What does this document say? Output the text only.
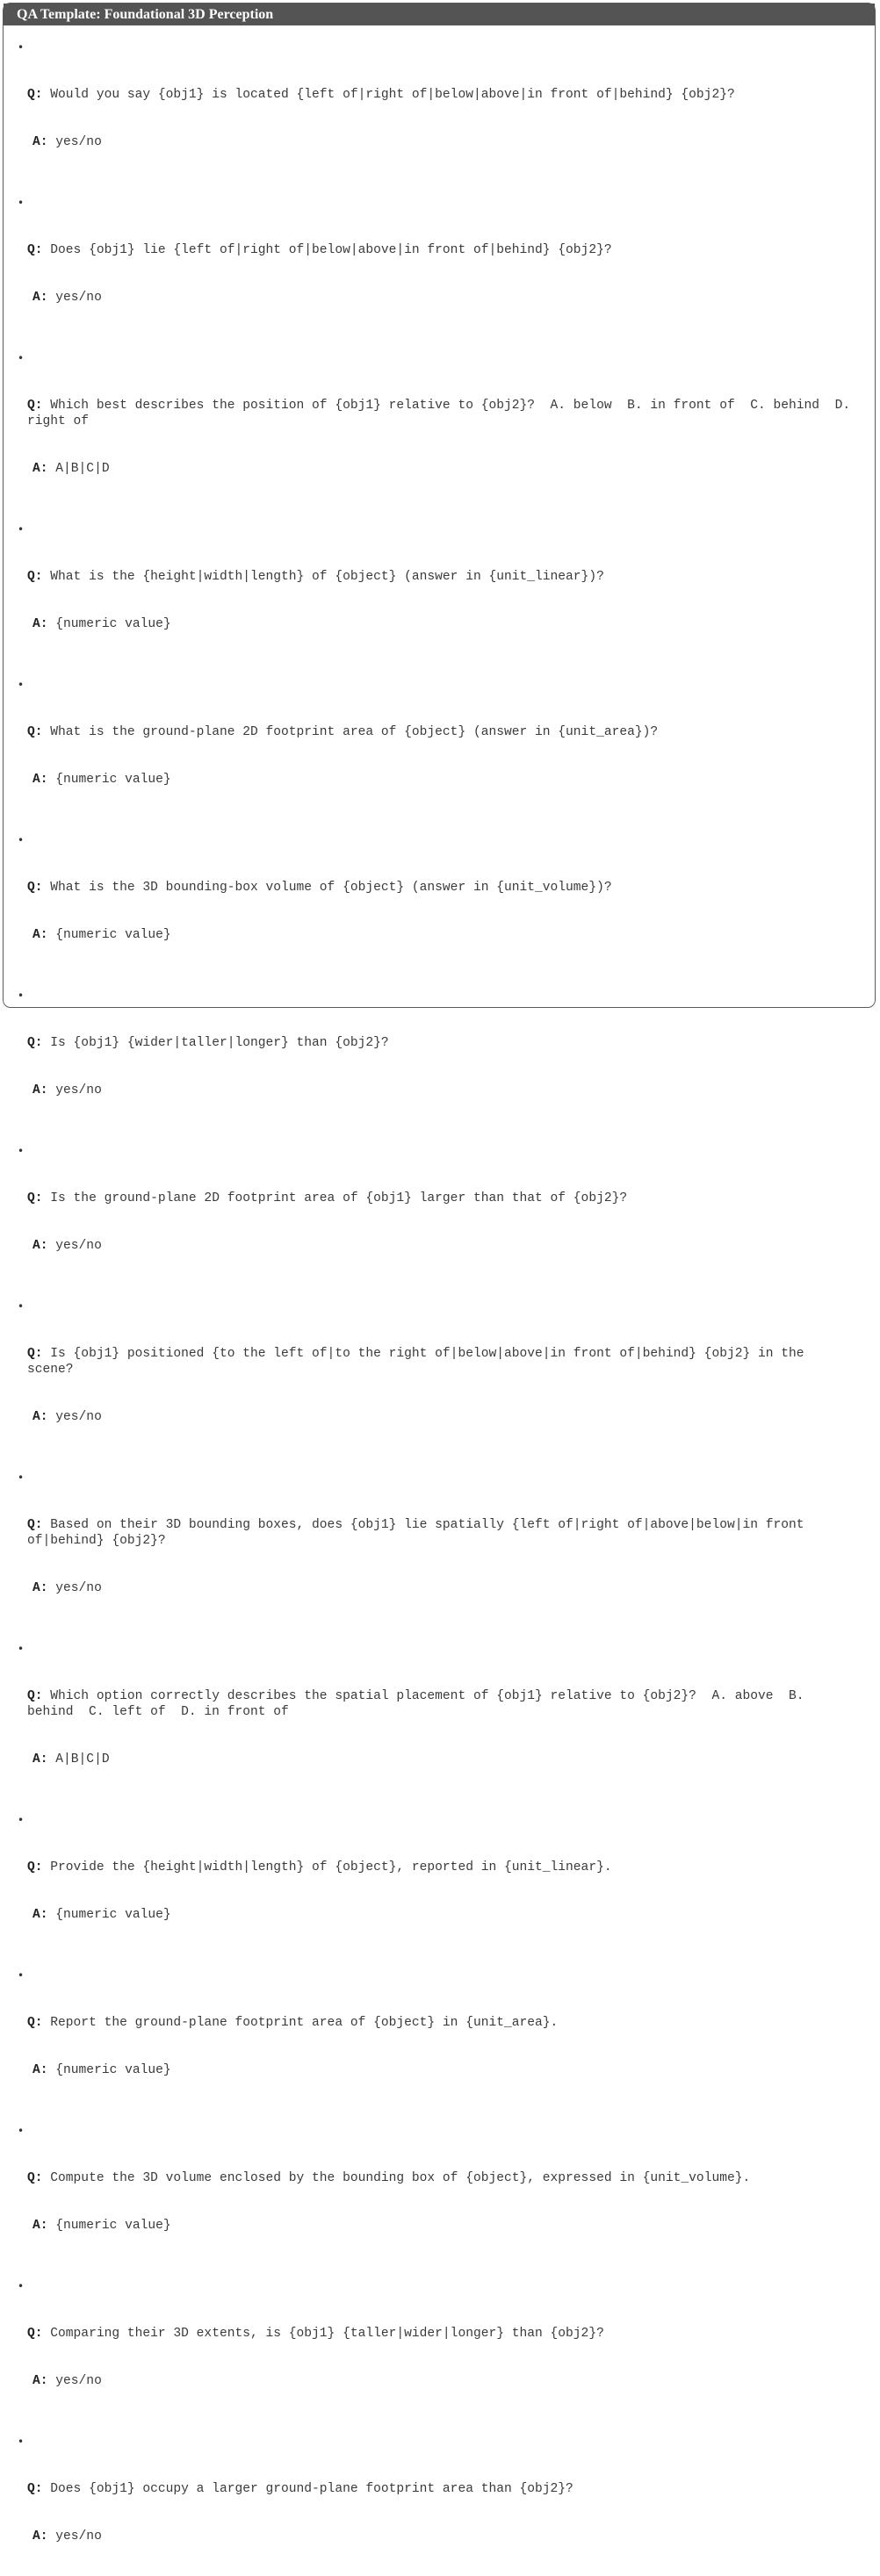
QA Template: Foundational 3D Perception

•

Q: Would you say {obj1} is located {left of|right of|below|above|in front of|behind} {obj2}?

A: yes/no

•

Q: Does {obj1} lie {left of|right of|below|above|in front of|behind} {obj2}?

A: yes/no

•

Q: Which best describes the position of {obj1} relative to {obj2}?  A. below  B. in front of  C. behind  D. right of

A: A|B|C|D

•

Q: What is the {height|width|length} of {object} (answer in {unit_linear})?

A: {numeric value}

•

Q: What is the ground-plane 2D footprint area of {object} (answer in {unit_area})?

A: {numeric value}

•

Q: What is the 3D bounding-box volume of {object} (answer in {unit_volume})?

A: {numeric value}

•

Q: Is {obj1} {wider|taller|longer} than {obj2}?

A: yes/no

•

Q: Is the ground-plane 2D footprint area of {obj1} larger than that of {obj2}?

A: yes/no

•

Q: Is {obj1} positioned {to the left of|to the right of|below|above|in front of|behind} {obj2} in the scene?

A: yes/no

•

Q: Based on their 3D bounding boxes, does {obj1} lie spatially {left of|right of|above|below|in front of|behind} {obj2}?

A: yes/no

•

Q: Which option correctly describes the spatial placement of {obj1} relative to {obj2}?  A. above  B. behind  C. left of  D. in front of

A: A|B|C|D

•

Q: Provide the {height|width|length} of {object}, reported in {unit_linear}.

A: {numeric value}

•

Q: Report the ground-plane footprint area of {object} in {unit_area}.

A: {numeric value}

•

Q: Compute the 3D volume enclosed by the bounding box of {object}, expressed in {unit_volume}.

A: {numeric value}

•

Q: Comparing their 3D extents, is {obj1} {taller|wider|longer} than {obj2}?

A: yes/no

•

Q: Does {obj1} occupy a larger ground-plane footprint area than {obj2}?

A: yes/no
